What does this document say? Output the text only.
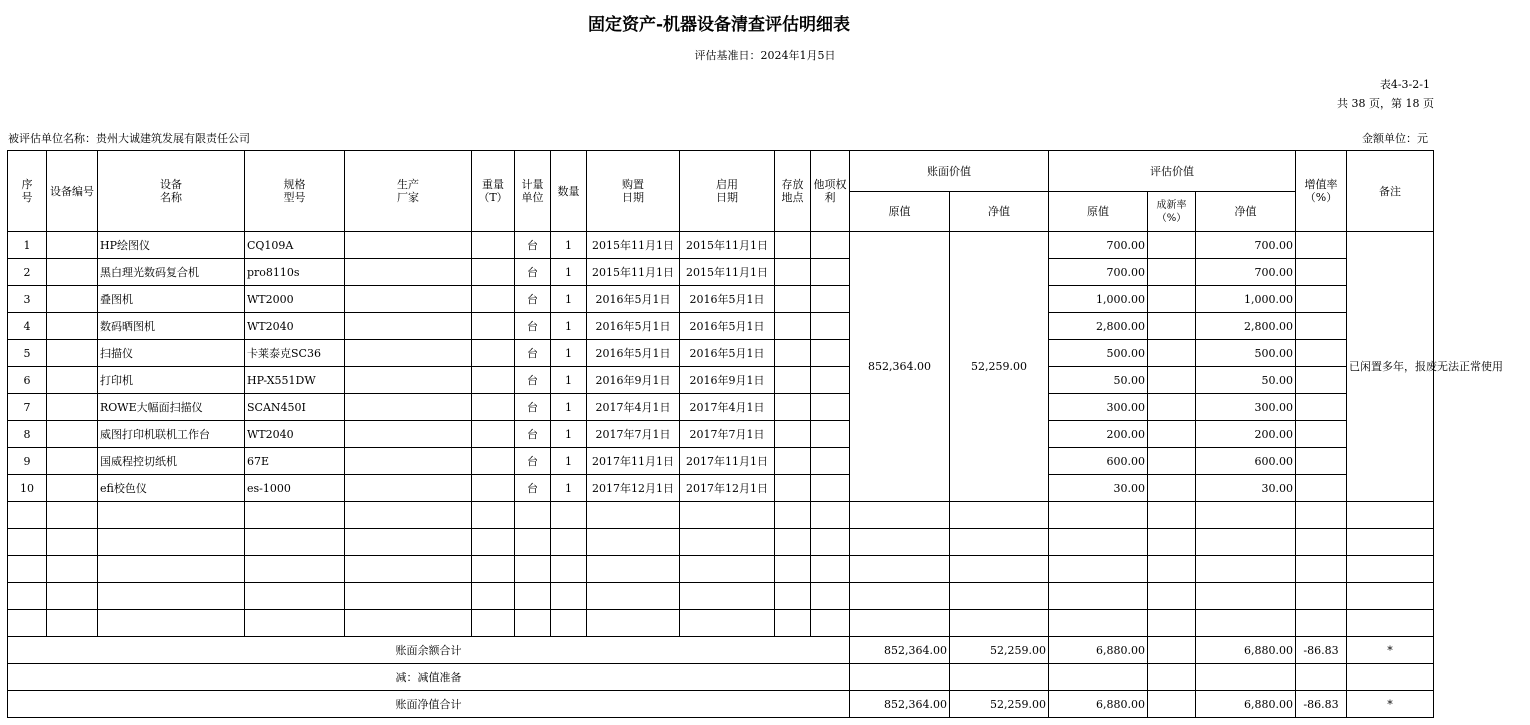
固定资产-机器设备清查评估明细表
评估基准日：2024年1月5日
表4-3-2-1
共 38 页，第 18 页
被评估单位名称：贵州大诚建筑发展有限责任公司	金额单位：元
序号	设备编号	设备名称	规格型号	生产厂家	重量（T）	计量单位	数量	购置日期	启用日期	存放地点	他项权利	账面价值		评估价值			增值率（%）	备注
												原值	净值	原值	成新率（%）	净值		
1		HP绘图仪	CQ109A			台	1	2015年11月1日	2015年11月1日			852,364.00	52,259.00	700.00		700.00		已闲置多年，报废无法正常使用
2		黑白理光数码复合机	pro8110s			台	1	2015年11月1日	2015年11月1日					700.00		700.00		
3		叠图机	WT2000			台	1	2016年5月1日	2016年5月1日					1,000.00		1,000.00		
4		数码晒图机	WT2040			台	1	2016年5月1日	2016年5月1日					2,800.00		2,800.00		
5		扫描仪	卡莱泰克SC36			台	1	2016年5月1日	2016年5月1日					500.00		500.00		
6		打印机	HP-X551DW			台	1	2016年9月1日	2016年9月1日					50.00		50.00		
7		ROWE大幅面扫描仪	SCAN450I			台	1	2017年4月1日	2017年4月1日					300.00		300.00		
8		威图打印机联机工作台	WT2040			台	1	2017年7月1日	2017年7月1日					200.00		200.00		
9		国威程控切纸机	67E			台	1	2017年11月1日	2017年11月1日					600.00		600.00		
10		efi校色仪	es-1000			台	1	2017年12月1日	2017年12月1日					30.00		30.00		

账面余额合计												852,364.00	52,259.00	6,880.00		6,880.00	-86.83	*
减：减值准备																		
账面净值合计												852,364.00	52,259.00	6,880.00		6,880.00	-86.83	*
